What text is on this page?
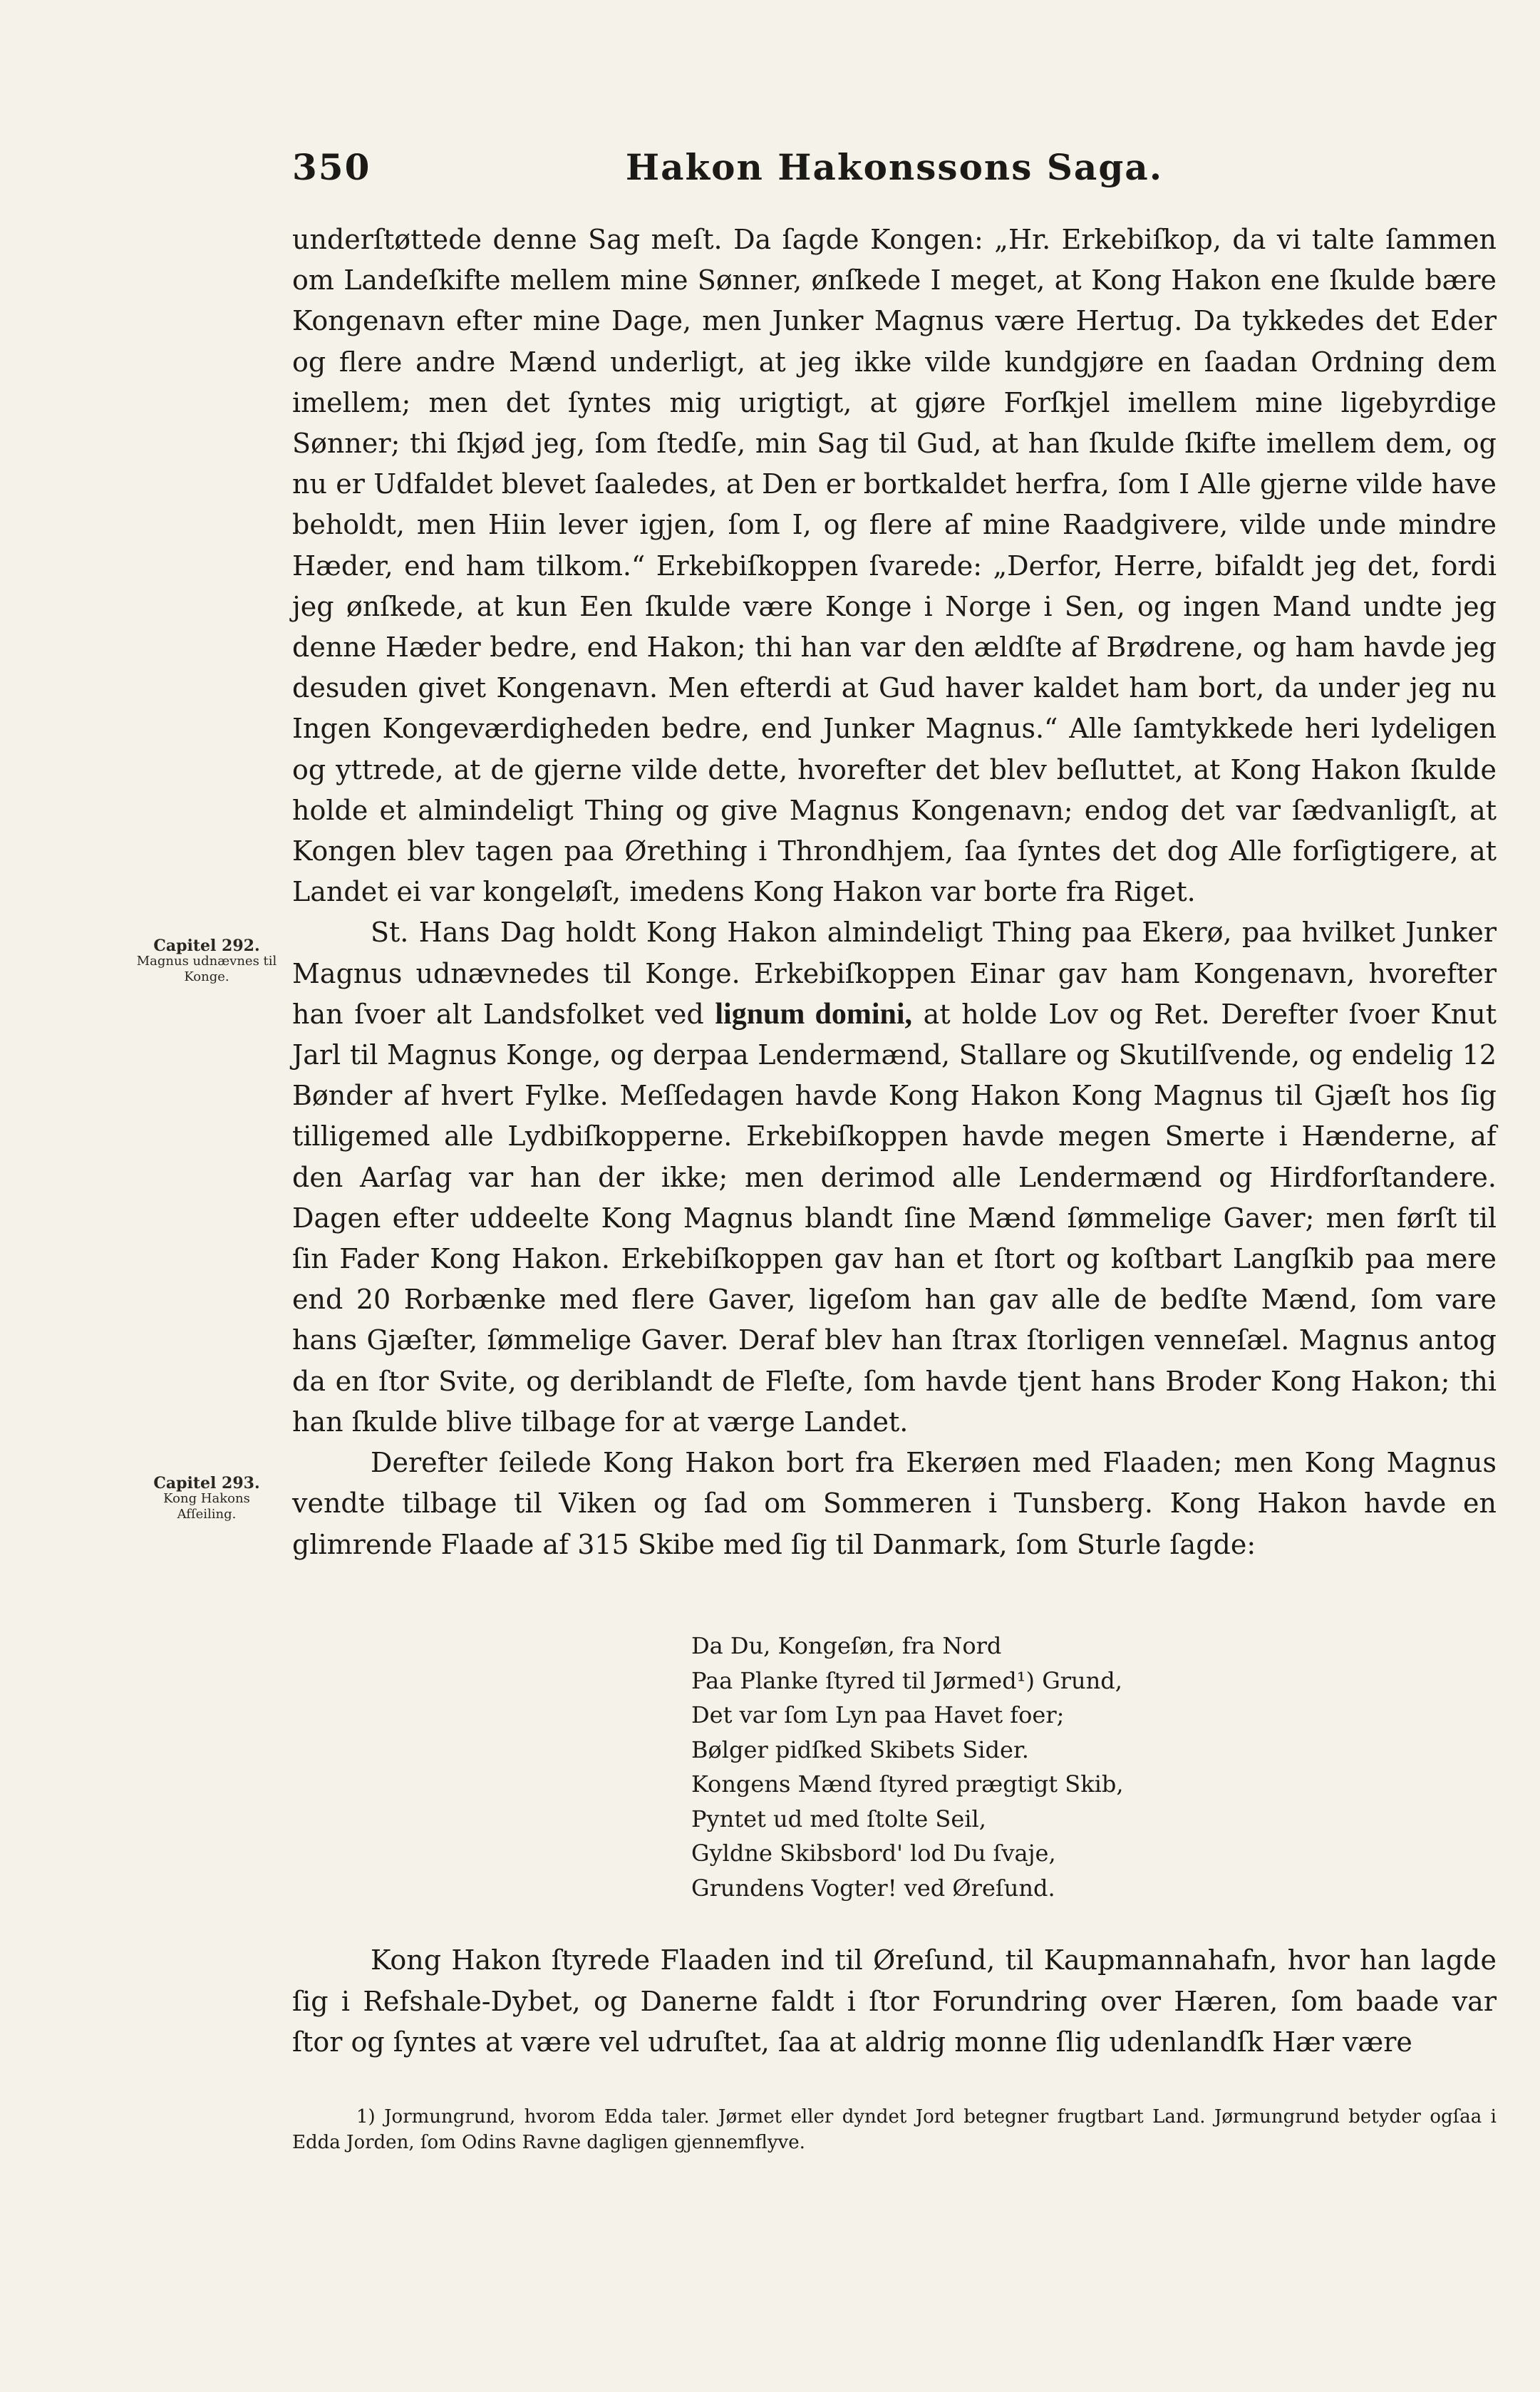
350	Hakon Hakonssons Saga.

underſtøttede denne Sag meſt. Da ſagde Kongen: „Hr. Erkebiſkop, da vi talte ſammen om Landeſkifte mellem mine Sønner, ønſkede I meget, at Kong Hakon ene ſkulde bære Kongenavn efter mine Dage, men Junker Magnus være Hertug. Da tykkedes det Eder og flere andre Mænd underligt, at jeg ikke vilde kundgjøre en ſaadan Ordning dem imellem; men det ſyntes mig urigtigt, at gjøre Forſkjel imellem mine ligebyrdige Sønner; thi ſkjød jeg, ſom ſtedſe, min Sag til Gud, at han ſkulde ſkifte imellem dem, og nu er Udfaldet blevet ſaaledes, at Den er bortkaldet herfra, ſom I Alle gjerne vilde have beholdt, men Hiin lever igjen, ſom I, og flere af mine Raadgivere, vilde unde mindre Hæder, end ham tilkom.“ Erkebiſkoppen ſvarede: „Derfor, Herre, bifaldt jeg det, fordi jeg ønſkede, at kun Een ſkulde være Konge i Norge i Sen, og ingen Mand undte jeg denne Hæder bedre, end Hakon; thi han var den ældſte af Brødrene, og ham havde jeg desuden givet Kongenavn. Men efterdi at Gud haver kaldet ham bort, da under jeg nu Ingen Kongeværdigheden bedre, end Junker Magnus.“ Alle ſamtykkede heri lydeligen og yttrede, at de gjerne vilde dette, hvorefter det blev beſluttet, at Kong Hakon ſkulde holde et almindeligt Thing og give Magnus Kongenavn; endog det var ſædvanligſt, at Kongen blev tagen paa Ørething i Throndhjem, ſaa ſyntes det dog Alle forſigtigere, at Landet ei var kongeløſt, imedens Kong Hakon var borte fra Riget.

St. Hans Dag holdt Kong Hakon almindeligt Thing paa Ekerø, paa hvilket Junker Magnus udnævnedes til Konge. Erkebiſkoppen Einar gav ham Kongenavn, hvorefter han ſvoer alt Landsfolket ved lignum domini, at holde Lov og Ret. Derefter ſvoer Knut Jarl til Magnus Konge, og derpaa Lendermænd, Stallare og Skutilſvende, og endelig 12 Bønder af hvert Fylke. Meſſedagen havde Kong Hakon Kong Magnus til Gjæſt hos ſig tilligemed alle Lydbiſkopperne. Erkebiſkoppen havde megen Smerte i Hænderne, af den Aarſag var han der ikke; men derimod alle Lendermænd og Hirdforſtandere. Dagen efter uddeelte Kong Magnus blandt ſine Mænd ſømmelige Gaver; men førſt til ſin Fader Kong Hakon. Erkebiſkoppen gav han et ſtort og koſtbart Langſkib paa mere end 20 Rorbænke med flere Gaver, ligeſom han gav alle de bedſte Mænd, ſom vare hans Gjæſter, ſømmelige Gaver. Deraf blev han ſtrax ſtorligen venneſæl. Magnus antog da en ſtor Svite, og deriblandt de Fleſte, ſom havde tjent hans Broder Kong Hakon; thi han ſkulde blive tilbage for at værge Landet.

Derefter ſeilede Kong Hakon bort fra Ekerøen med Flaaden; men Kong Magnus vendte tilbage til Viken og ſad om Sommeren i Tunsberg. Kong Hakon havde en glimrende Flaade af 315 Skibe med ſig til Danmark, ſom Sturle ſagde:

Capitel 292.
Magnus udnævnes til Konge.
Capitel 293.
Kong Hakons Afſeiling.
Da Du, Kongeſøn, fra Nord
Paa Planke ſtyred til Jørmed¹) Grund,
Det var ſom Lyn paa Havet foer;
Bølger pidſked Skibets Sider.
Kongens Mænd ſtyred prægtigt Skib,
Pyntet ud med ſtolte Seil,
Gyldne Skibsbord' lod Du ſvaje,
Grundens Vogter! ved Øreſund.

Kong Hakon ſtyrede Flaaden ind til Øreſund, til Kaupmannahafn, hvor han lagde ſig i Refshale-Dybet, og Danerne faldt i ſtor Forundring over Hæren, ſom baade var ſtor og ſyntes at være vel udruſtet, ſaa at aldrig monne ſlig udenlandſk Hær være

1) Jormungrund, hvorom Edda taler. Jørmet eller dyndet Jord betegner frugtbart Land. Jørmungrund betyder ogſaa i Edda Jorden, ſom Odins Ravne dagligen gjennemflyve.
